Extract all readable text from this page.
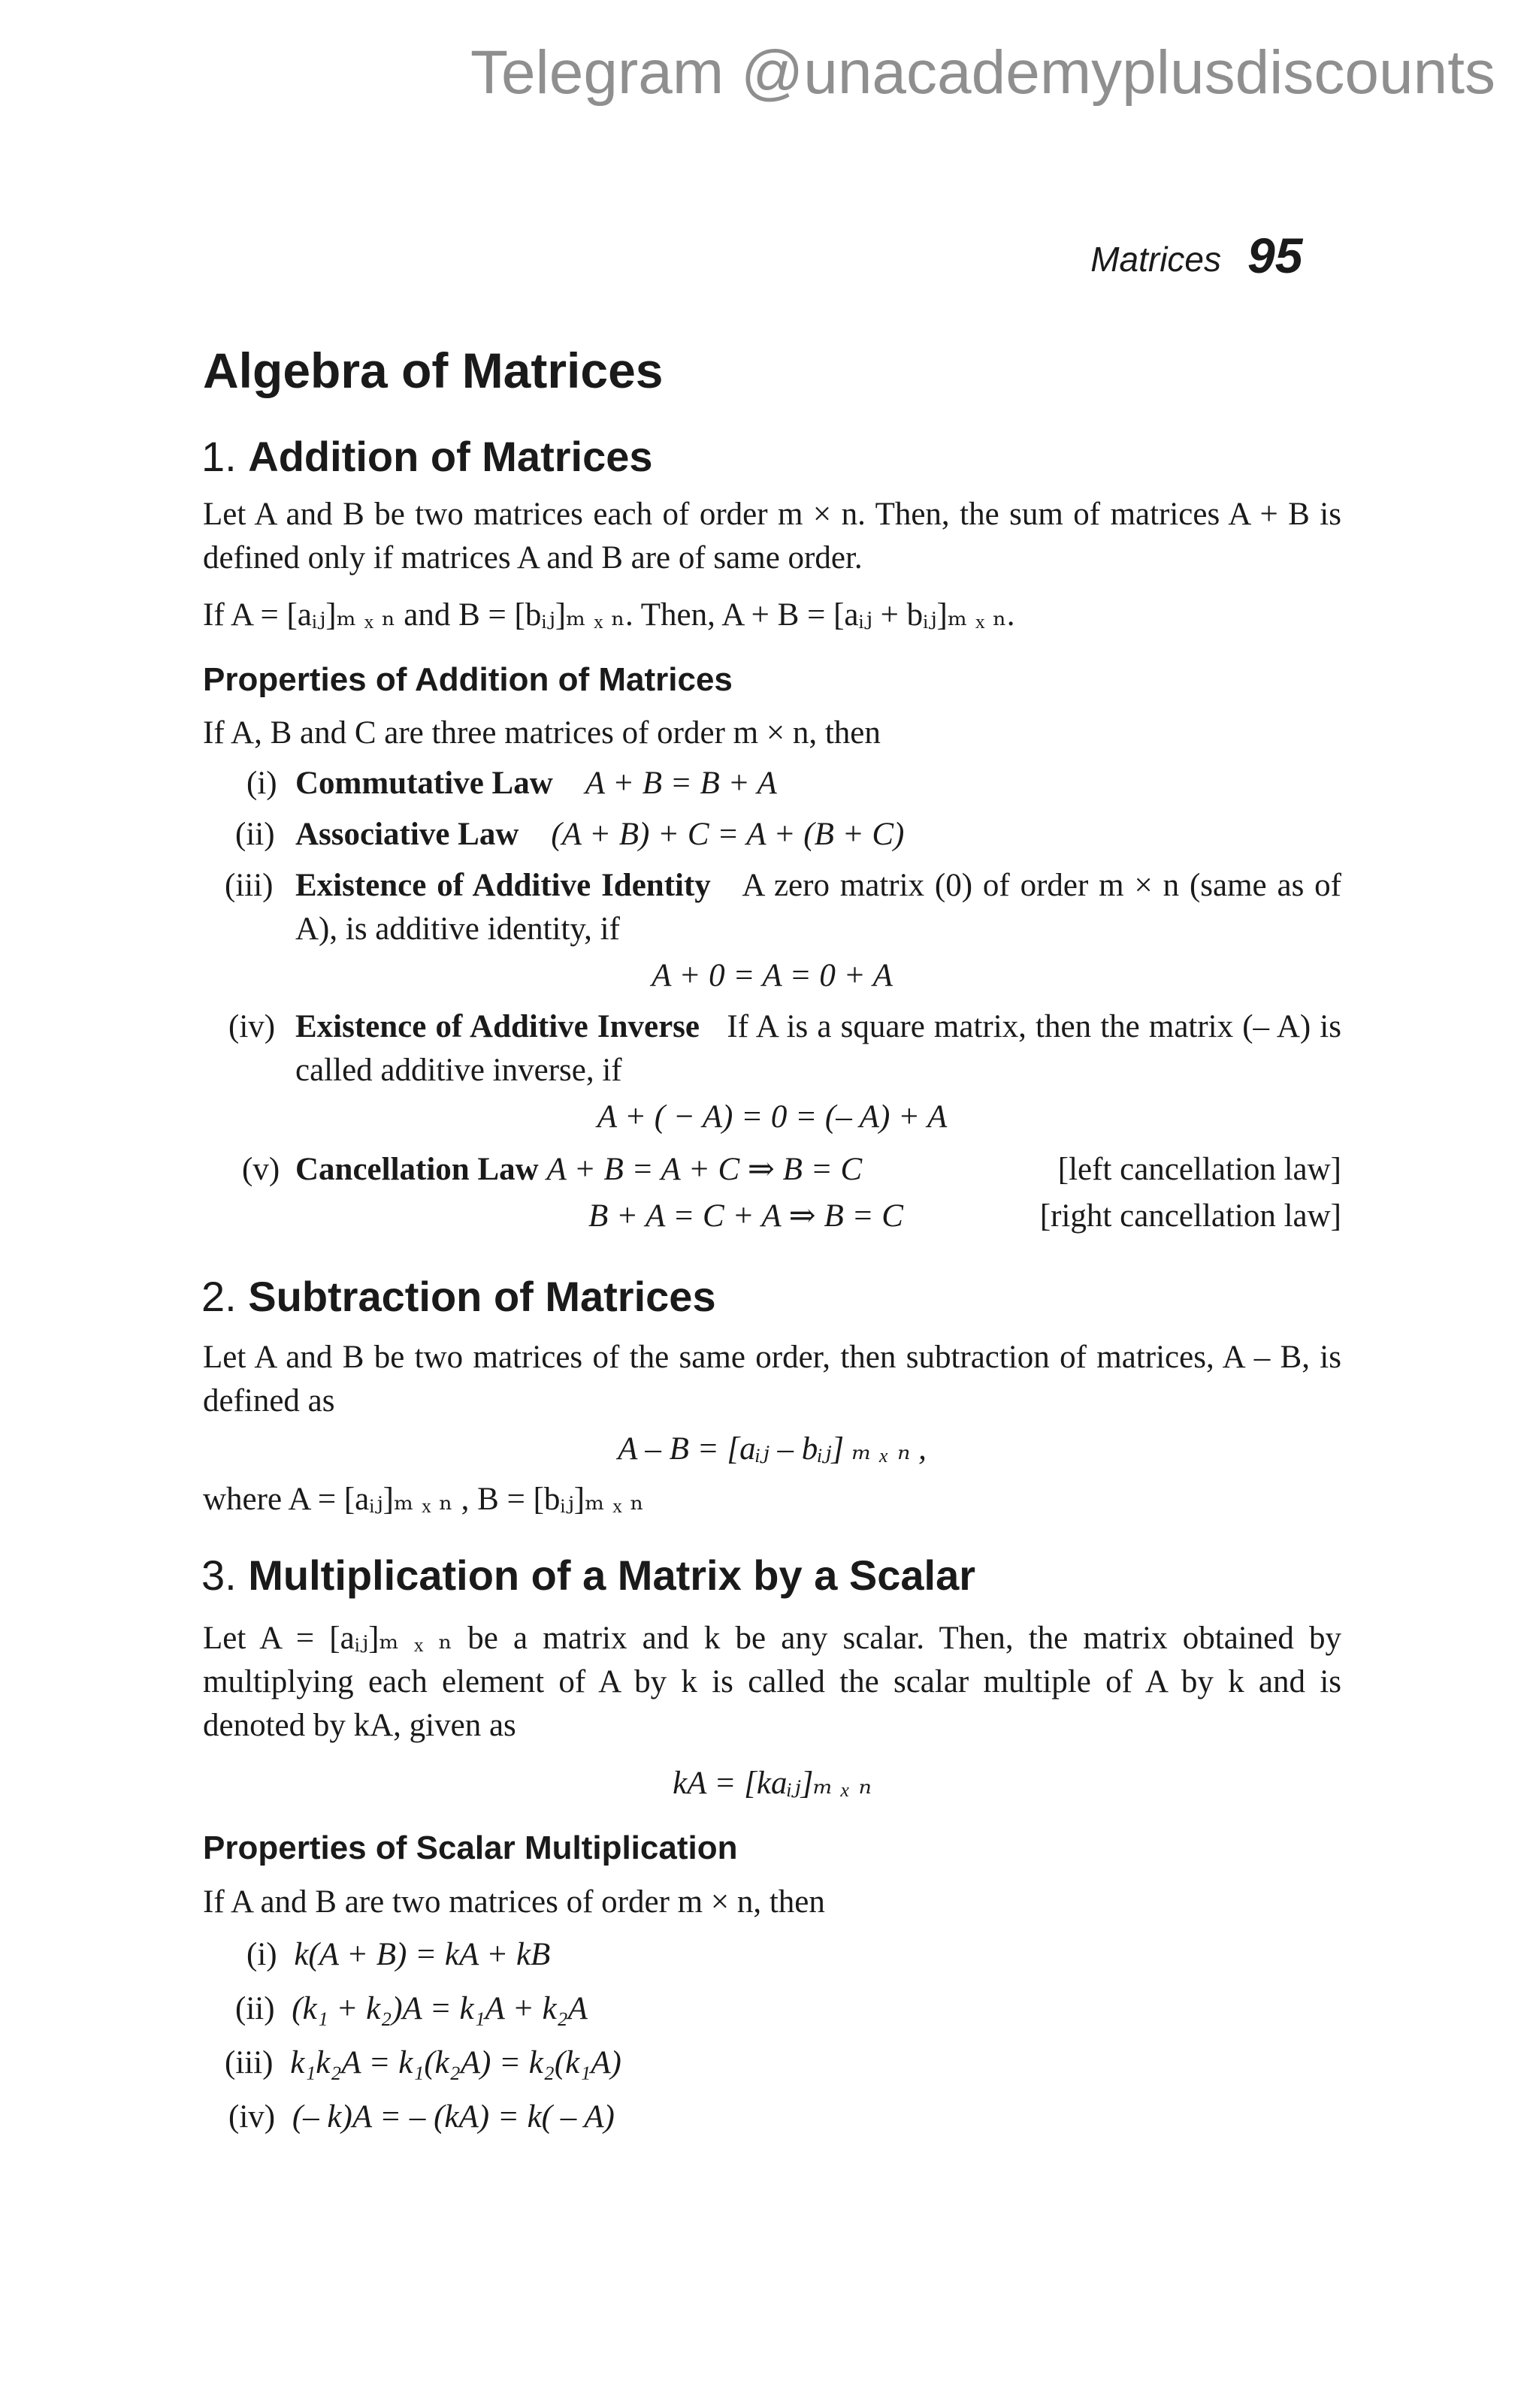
Telegram @unacademyplusdiscounts
Matrices 95
Algebra of Matrices
1. Addition of Matrices
Let A and B be two matrices each of order m × n. Then, the sum of matrices A + B is defined only if matrices A and B are of same order.
If A = [aᵢⱼ]ₘ ₓ ₙ and B = [bᵢⱼ]ₘ ₓ ₙ. Then, A + B = [aᵢⱼ + bᵢⱼ]ₘ ₓ ₙ.
Properties of Addition of Matrices
If A, B and C are three matrices of order m × n, then
(i) Commutative Law A + B = B + A
(ii) Associative Law (A + B) + C = A + (B + C)
(iii) Existence of Additive Identity A zero matrix (0) of order m × n (same as of A), is additive identity, if
A + 0 = A = 0 + A
(iv) Existence of Additive Inverse If A is a square matrix, then the matrix (– A) is called additive inverse, if
A + ( − A) = 0 = (– A) + A
(v) Cancellation Law A + B = A + C ⇒ B = C	[left cancellation law]
B + A = C + A ⇒ B = C	[right cancellation law]
2. Subtraction of Matrices
Let A and B be two matrices of the same order, then subtraction of matrices, A – B, is defined as
A – B = [aᵢⱼ – bᵢⱼ] ₘ ₓ ₙ ,
where A = [aᵢⱼ]ₘ ₓ ₙ , B = [bᵢⱼ]ₘ ₓ ₙ
3. Multiplication of a Matrix by a Scalar
Let A = [aᵢⱼ]ₘ ₓ ₙ be a matrix and k be any scalar. Then, the matrix obtained by multiplying each element of A by k is called the scalar multiple of A by k and is denoted by kA, given as
kA = [kaᵢⱼ]ₘ ₓ ₙ
Properties of Scalar Multiplication
If A and B are two matrices of order m × n, then
(i) k(A + B) = kA + kB
(ii) (k₁ + k₂)A = k₁A + k₂A
(iii) k₁k₂A = k₁(k₂A) = k₂(k₁A)
(iv) (– k)A = – (kA) = k( – A)
